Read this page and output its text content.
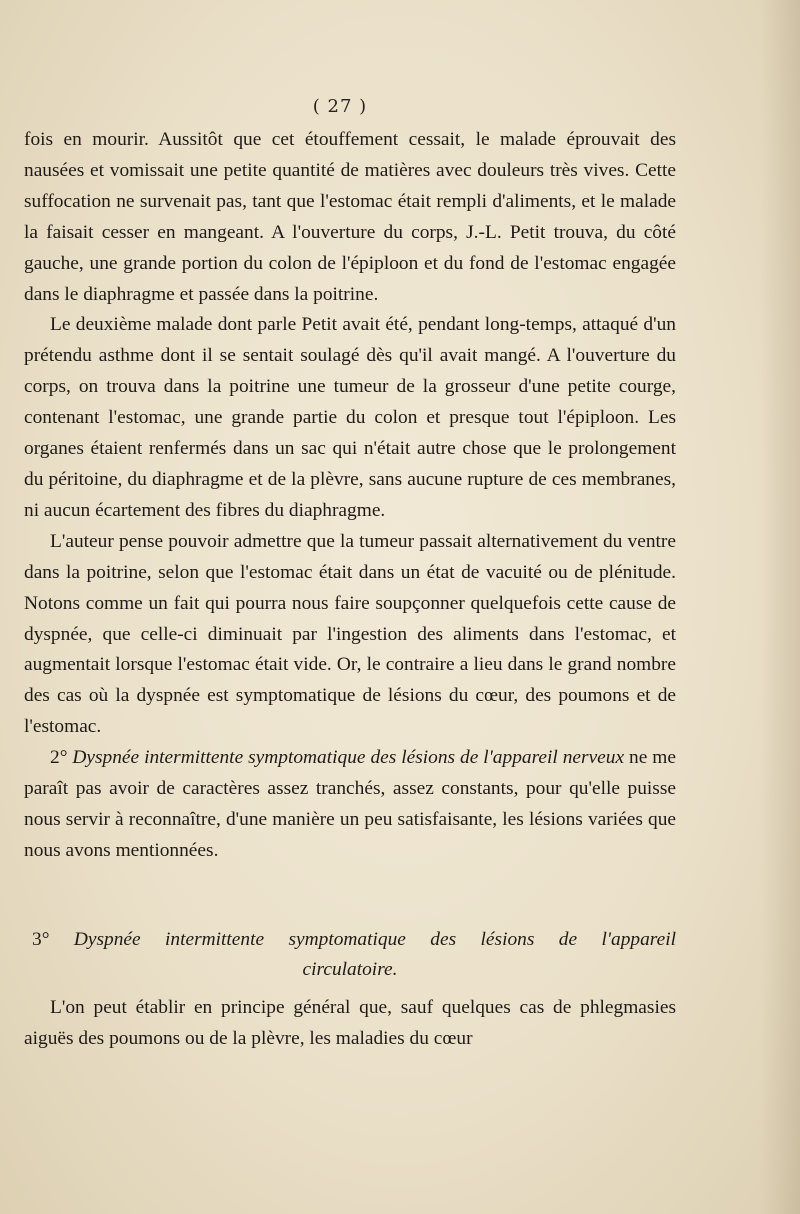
( 27 )

fois en mourir. Aussitôt que cet étouffement cessait, le malade éprouvait des nausées et vomissait une petite quantité de matières avec douleurs très vives. Cette suffocation ne survenait pas, tant que l'estomac était rempli d'aliments, et le malade la faisait cesser en mangeant. A l'ouverture du corps, J.-L. Petit trouva, du côté gauche, une grande portion du colon de l'épiploon et du fond de l'estomac engagée dans le diaphragme et passée dans la poitrine.

Le deuxième malade dont parle Petit avait été, pendant long-temps, attaqué d'un prétendu asthme dont il se sentait soulagé dès qu'il avait mangé. A l'ouverture du corps, on trouva dans la poitrine une tumeur de la grosseur d'une petite courge, contenant l'estomac, une grande partie du colon et presque tout l'épiploon. Les organes étaient renfermés dans un sac qui n'était autre chose que le prolongement du péritoine, du diaphragme et de la plèvre, sans aucune rupture de ces membranes, ni aucun écartement des fibres du diaphragme.

L'auteur pense pouvoir admettre que la tumeur passait alternativement du ventre dans la poitrine, selon que l'estomac était dans un état de vacuité ou de plénitude. Notons comme un fait qui pourra nous faire soupçonner quelquefois cette cause de dyspnée, que celle-ci diminuait par l'ingestion des aliments dans l'estomac, et augmentait lorsque l'estomac était vide. Or, le contraire a lieu dans le grand nombre des cas où la dyspnée est symptomatique de lésions du cœur, des poumons et de l'estomac.

2° Dyspnée intermittente symptomatique des lésions de l'appareil nerveux ne me paraît pas avoir de caractères assez tranchés, assez constants, pour qu'elle puisse nous servir à reconnaître, d'une manière un peu satisfaisante, les lésions variées que nous avons mentionnées.

3° Dyspnée intermittente symptomatique des lésions de l'appareil
circulatoire.

L'on peut établir en principe général que, sauf quelques cas de phlegmasies aiguës des poumons ou de la plèvre, les maladies du cœur
